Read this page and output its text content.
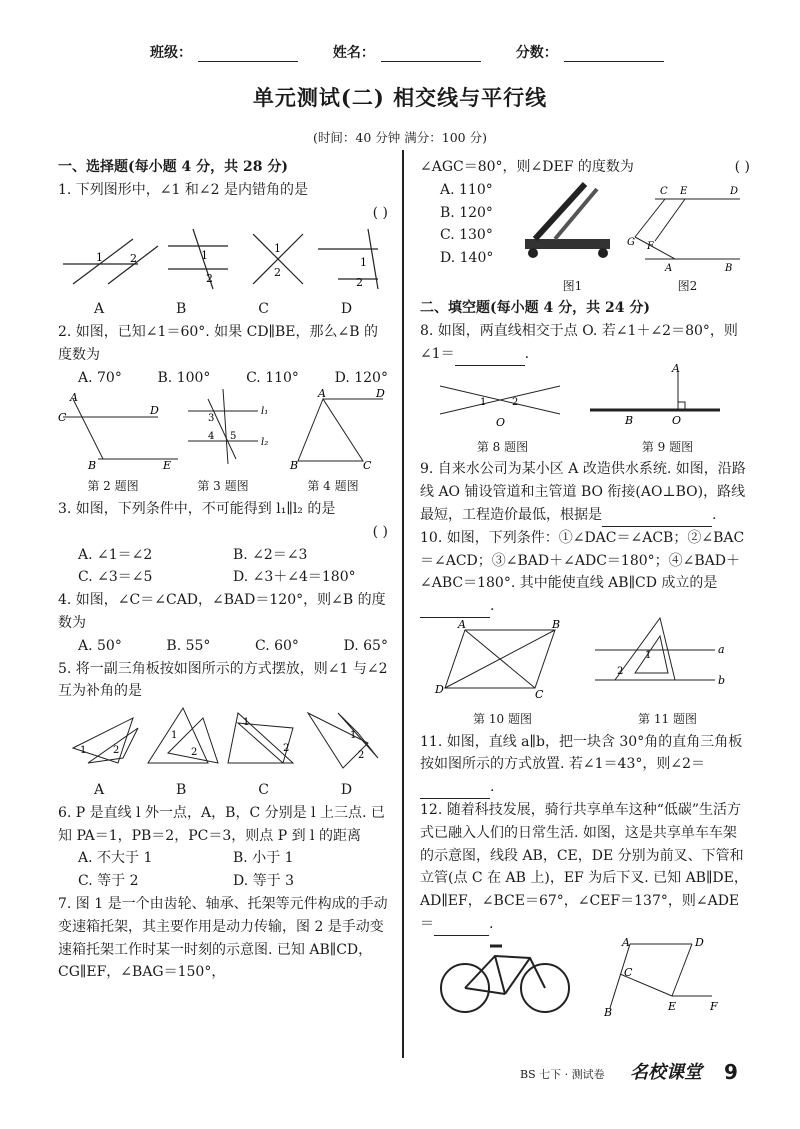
班级：	姓名：	分数：
单元测试(二) 相交线与平行线
(时间：40 分钟 满分：100 分)
一、选择题(每小题 4 分，共 28 分)
1. 下列图形中，∠1 和∠2 是内错角的是
( )
1 2	1
2
1
2
1
2
A	B	C	D
2. 如图，已知∠1＝60°. 如果 CD∥BE，那么∠B 的度数为
A. 70°	B. 100°	C. 110°	D. 120°
C
D
A
B	E
l₁
l₂
3
4 5
A	D
B	C
第 2 题图	第 3 题图	第 4 题图
3. 如图，下列条件中，不可能得到 l₁∥l₂ 的是
( )
A. ∠1＝∠2	B. ∠2＝∠3
C. ∠3＝∠5	D. ∠3＋∠4＝180°
4. 如图，∠C＝∠CAD，∠BAD＝120°，则∠B 的度数为
A. 50°	B. 55°	C. 60°	D. 65°
5. 将一副三角板按如图所示的方式摆放，则∠1 与∠2 互为补角的是
1	2
1
2
1
2
1
2
A	B	C	D
6. P 是直线 l 外一点，A，B，C 分别是 l 上三点. 已知 PA＝1，PB＝2，PC＝3，则点 P 到 l 的距离
A. 不大于 1	B. 小于 1
C. 等于 2	D. 等于 3
7. 图 1 是一个由齿轮、轴承、托架等元件构成的手动变速箱托架，其主要作用是动力传输，图 2 是手动变速箱托架工作时某一时刻的示意图. 已知 AB∥CD，CG∥EF，∠BAG＝150°，
∠AGC＝80°，则∠DEF 的度数为	( )
A. 110°
B. 120°
C. 130°
D. 140°
C E	D
G F
A	B
图1	图2
二、填空题(每小题 4 分，共 24 分)
8. 如图，两直线相交于点 O. 若∠1＋∠2＝80°，则∠1＝	.
1	2
O
A
B	O
第 8 题图	第 9 题图
9. 自来水公司为某小区 A 改造供水系统. 如图，沿路线 AO 铺设管道和主管道 BO 衔接(AO⊥BO)，路线最短，工程造价最低，根据是	.
10. 如图，下列条件：①∠DAC＝∠ACB；②∠BAC＝∠ACD；③∠BAD＋∠ADC＝180°；④∠BAD＋∠ABC＝180°. 其中能使直线 AB∥CD 成立的是.
A	B
D	C
a
b
1
2
第 10 题图	第 11 题图
11. 如图，直线 a∥b，把一块含 30°角的直角三角板按如图所示的方式放置. 若∠1＝43°，则∠2＝.
12. 随着科技发展，骑行共享单车这种“低碳”生活方式已融入人们的日常生活. 如图，这是共享单车车架的示意图，线段 AB，CE，DE 分别为前叉、下管和立管(点 C 在 AB 上)，EF 为后下叉. 已知 AB∥DE，AD∥EF，∠BCE＝67°，∠CEF＝137°，则∠ADE＝	.
A	D
C
B	E	F
BS 七下 · 测试卷 名校课堂 9
